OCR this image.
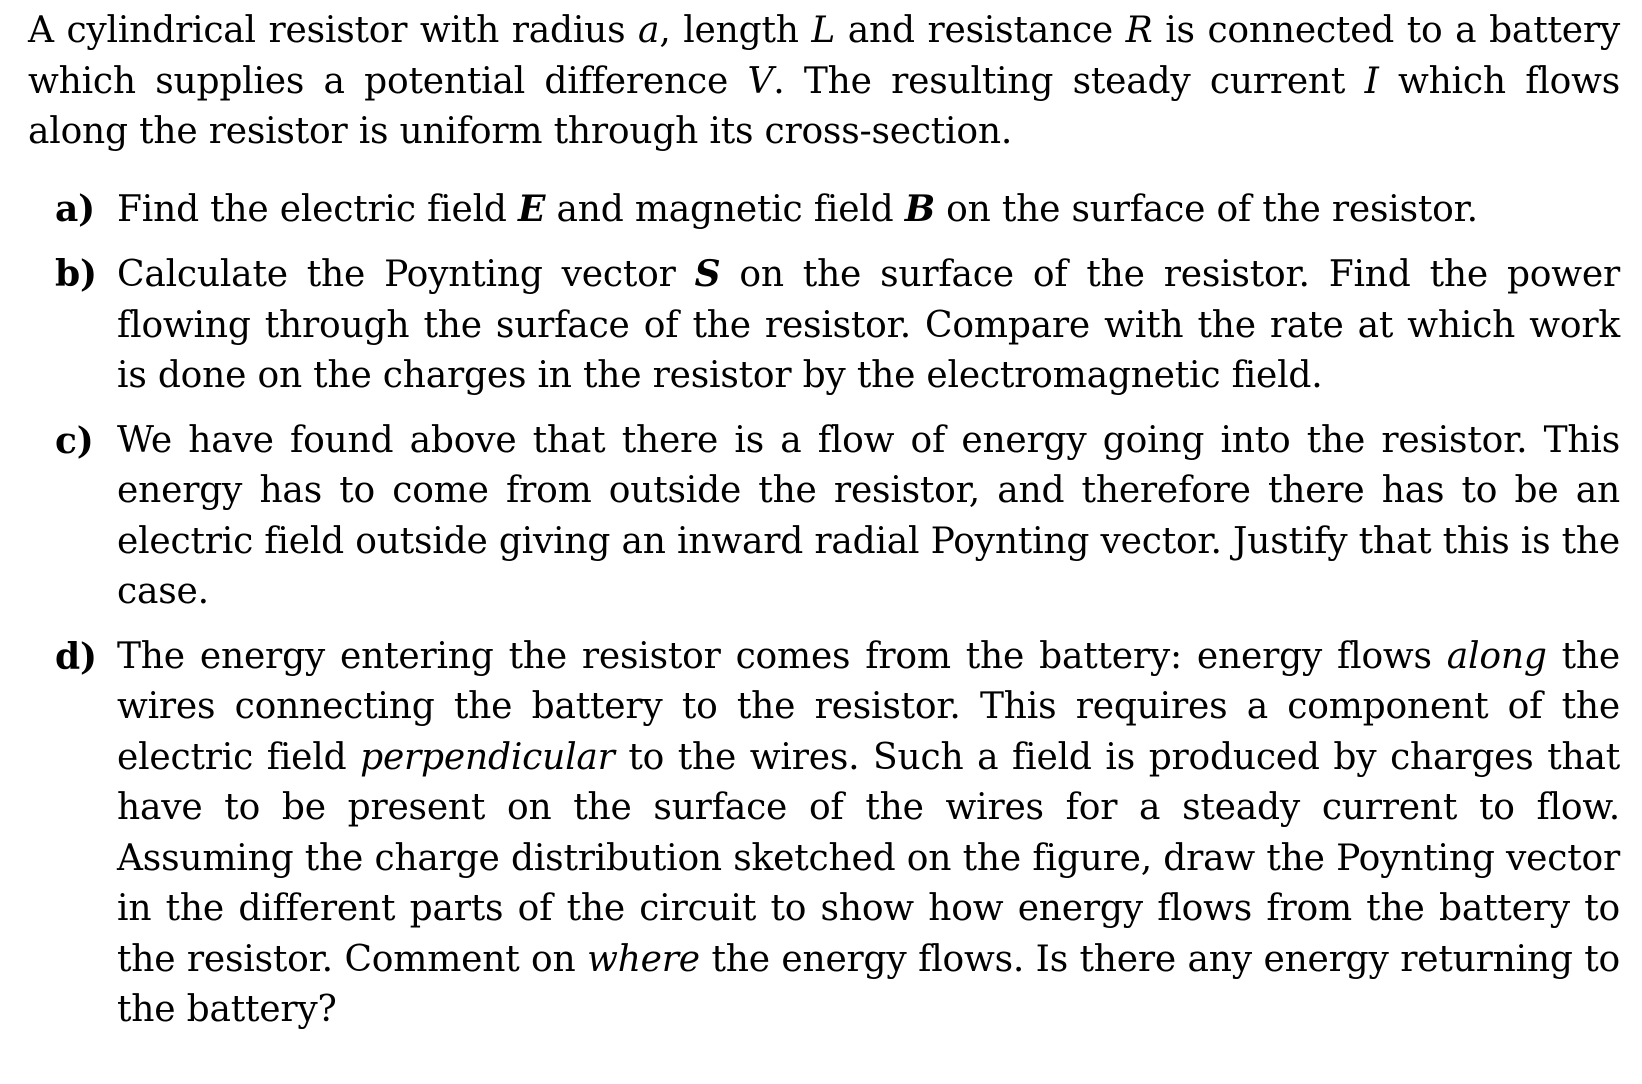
A cylindrical resistor with radius a, length L and resistance R is connected to a battery which supplies a potential difference V. The resulting steady current I which flows along the resistor is uniform through its cross-section.

a) Find the electric field E and magnetic field B on the surface of the resistor.
b) Calculate the Poynting vector S on the surface of the resistor. Find the power flowing through the surface of the resistor. Compare with the rate at which work is done on the charges in the resistor by the electromagnetic field.
c) We have found above that there is a flow of energy going into the resistor. This energy has to come from outside the resistor, and therefore there has to be an electric field outside giving an inward radial Poynting vector. Justify that this is the case.
d) The energy entering the resistor comes from the battery: energy flows along the wires connecting the battery to the resistor. This requires a component of the electric field perpendicular to the wires. Such a field is produced by charges that have to be present on the surface of the wires for a steady current to flow. Assuming the charge distribution sketched on the figure, draw the Poynting vector in the different parts of the circuit to show how energy flows from the battery to the resistor. Comment on where the energy flows. Is there any energy returning to the battery?
